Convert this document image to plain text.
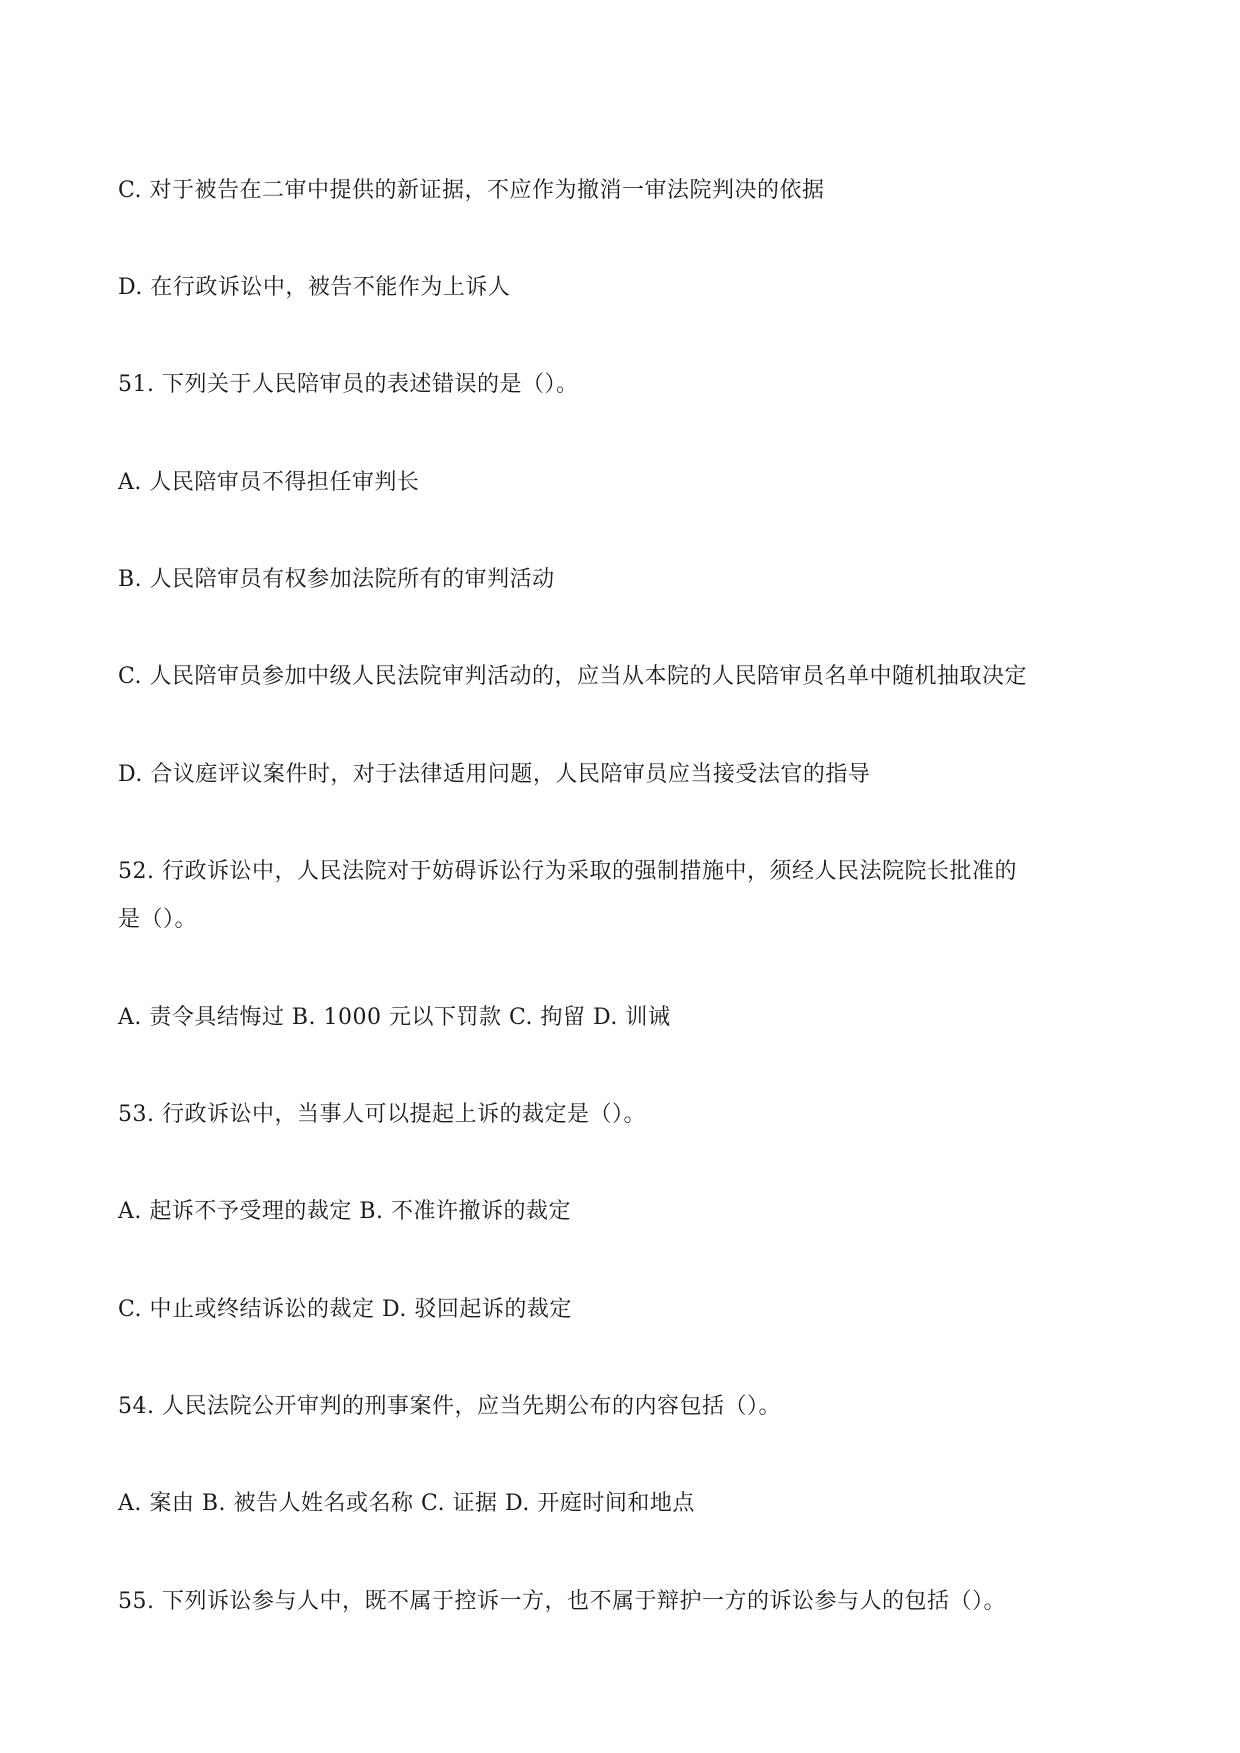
C. 对于被告在二审中提供的新证据，不应作为撤消一审法院判决的依据
D. 在行政诉讼中，被告不能作为上诉人
51. 下列关于人民陪审员的表述错误的是（）。
A. 人民陪审员不得担任审判长
B. 人民陪审员有权参加法院所有的审判活动
C. 人民陪审员参加中级人民法院审判活动的，应当从本院的人民陪审员名单中随机抽取决定
D. 合议庭评议案件时，对于法律适用问题，人民陪审员应当接受法官的指导
52. 行政诉讼中，人民法院对于妨碍诉讼行为采取的强制措施中，须经人民法院院长批准的
是（）。
A. 责令具结悔过 B. 1000 元以下罚款 C. 拘留 D. 训诫
53. 行政诉讼中，当事人可以提起上诉的裁定是（）。
A. 起诉不予受理的裁定 B. 不准许撤诉的裁定
C. 中止或终结诉讼的裁定 D. 驳回起诉的裁定
54. 人民法院公开审判的刑事案件，应当先期公布的内容包括（）。
A. 案由 B. 被告人姓名或名称 C. 证据 D. 开庭时间和地点
55. 下列诉讼参与人中，既不属于控诉一方，也不属于辩护一方的诉讼参与人的包括（）。
